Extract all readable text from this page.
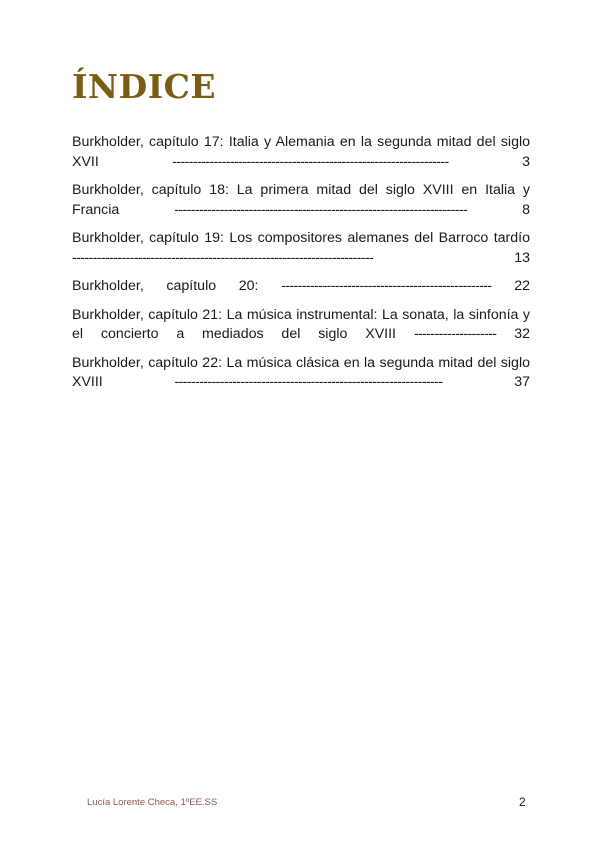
ÍNDICE
Burkholder, capítulo 17: Italia y Alemania en la segunda mitad del siglo XVII	-------------------------------------------------------------------	3
Burkholder, capítulo 18: La primera mitad del siglo XVIII en Italia y Francia	-----------------------------------------------------------------------	8
Burkholder, capítulo 19: Los compositores alemanes del Barroco tardío -------------------------------------------------------------------------	13
Burkholder, capítulo 20: --------------------------------------------------- 22
Burkholder, capítulo 21: La música instrumental: La sonata, la sinfonía y el concierto a mediados del siglo XVIII -------------------- 32
Burkholder, capítulo 22: La música clásica en la segunda mitad del siglo XVIII	-----------------------------------------------------------------	37
Lucía Lorente Checa, 1ºEE.SS	2
